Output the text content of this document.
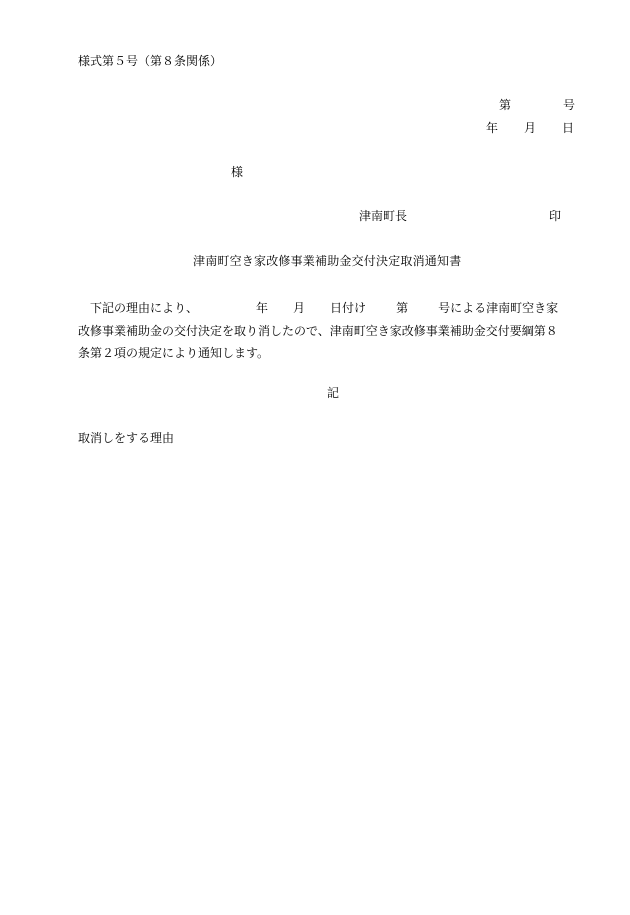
様式第５号（第８条関係）
第	号
年 月 日
様
津南町長	印
津南町空き家改修事業補助金交付決定取消通知書
下記の理由により、	年 月 日付け	第	号による津南町空き家
改修事業補助金の交付決定を取り消したので、津南町空き家改修事業補助金交付要綱第８
条第２項の規定により通知します。
記
取消しをする理由
